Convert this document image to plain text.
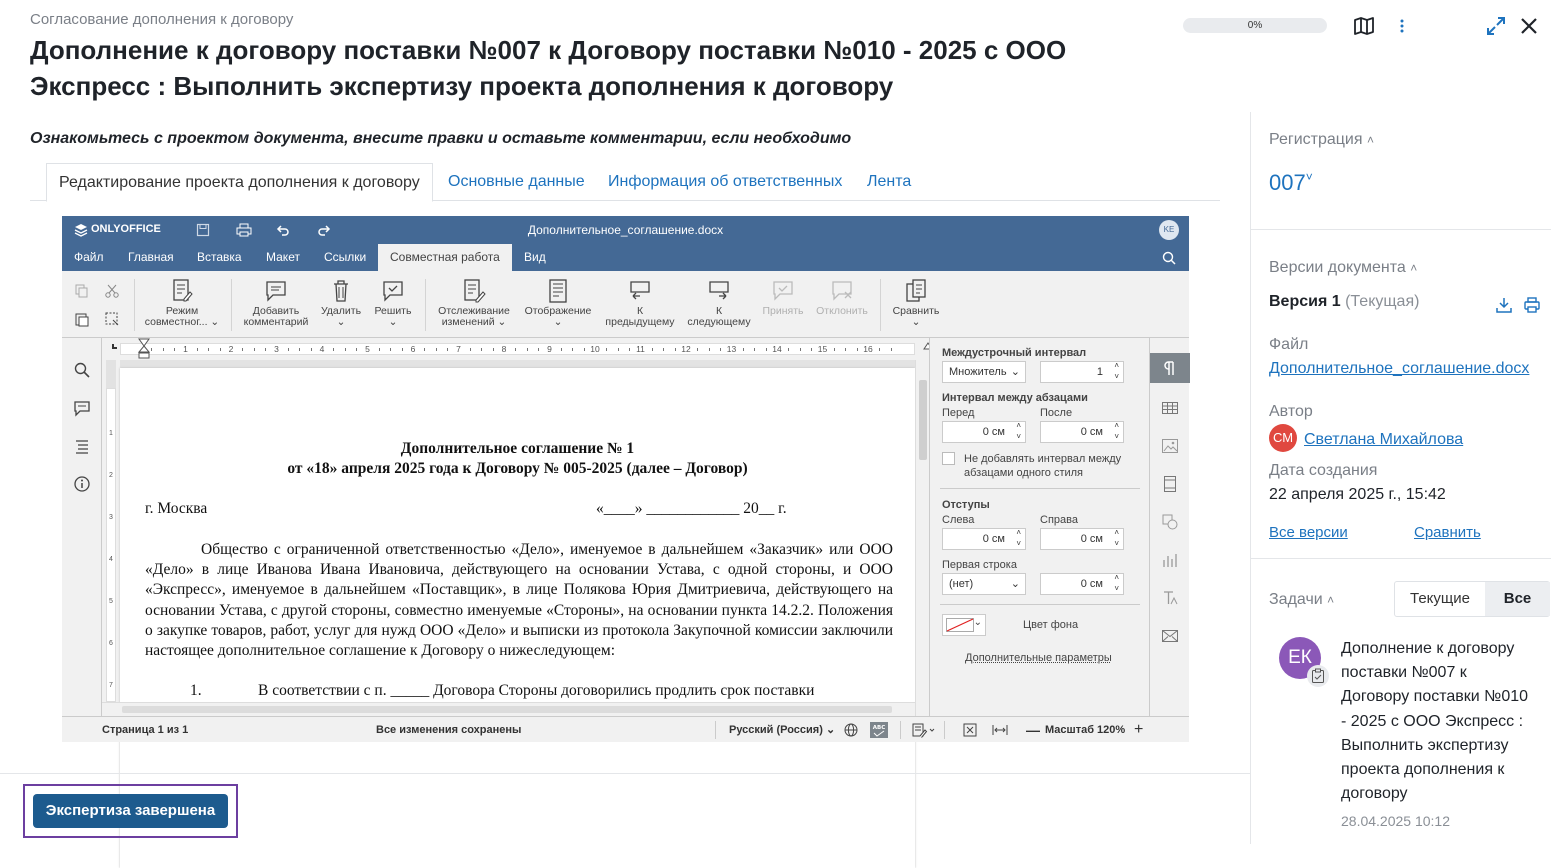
Согласование дополнения к договору
Дополнение к договору поставки №007 к Договору поставки №010 - 2025 с ООО Экспресс : Выполнить экспертизу проекта дополнения к договору
0%
Ознакомьтесь с проектом документа, внесите правки и оставьте комментарии, если необходимо
Редактирование проекта дополнения к договору	Основные данные	Информация об ответственных	Лента
ONLYOFFICE	Дополнительное_соглашение.docx	KE
Файл	Главная	Вставка	Макет	Ссылки	Совместная работа	Вид
Режим
совместног... ⌄
Добавить
комментарий
Удалить
⌄
Решить
⌄
Отслеживание
изменений ⌄
Отображение
⌄
К
предыдущему
К
следующему
Принять	Отклонить	Сравнить
⌄
1	2	3	4	5	6	7	8	9	10	11	12	13	14	15	16
1
2
3
4
5
6
7
Дополнительное соглашение № 1
от «18» апреля 2025 года к Договору № 005-2025 (далее – Договор)
г. Москва	«____» ____________ 20__ г.
Общество с ограниченной ответственностью «Дело», именуемое в дальнейшем «Заказчик» или ООО «Дело» в лице Иванова Ивана Ивановича, действующего на основании Устава, с одной стороны, и ООО «Экспресс», именуемое в дальнейшем «Поставщик», в лице Полякова Юрия Дмитриевича, действующего на основании Устава, с другой стороны, совместно именуемые «Стороны», на основании пункта 14.2.2. Положения о закупке товаров, работ, услуг для нужд ООО «Дело» и выписки из протокола Закупочной комиссии заключили настоящее дополнительное соглашение к Договору о нижеследующем:
1.	В соответствии с п. _____ Договора Стороны договорились продлить срок поставки
Междустрочный интервал
Множитель ⌄	1
˄
˅
Интервал между абзацами
Перед	После
0 см
˄
˅	0 см
˄
˅
Не добавлять интервал между абзацами одного стиля
Отступы
Слева	Справа
0 см
˄
˅	0 см
˄
˅
Первая строка
(нет)	⌄	0 см
˄
˅
⌄	Цвет фона
Дополнительные параметры
Страница 1 из 1	Все изменения сохранены	Русский (Россия) ⌄	ABC	— Масштаб 120% +
Экспертиза завершена
Регистрация ˄
007˅
Версии документа ˄
Версия 1 (Текущая)
Файл
Дополнительное_соглашение.docx
Автор
СМ Светлана Михайлова
Дата создания
22 апреля 2025 г., 15:42
Все версии	Сравнить
Задачи ˄	Текущие	Все
ЕК	Дополнение к договору поставки №007 к Договору поставки №010 - 2025 с ООО Экспресс : Выполнить экспертизу проекта дополнения к договору
28.04.2025 10:12
